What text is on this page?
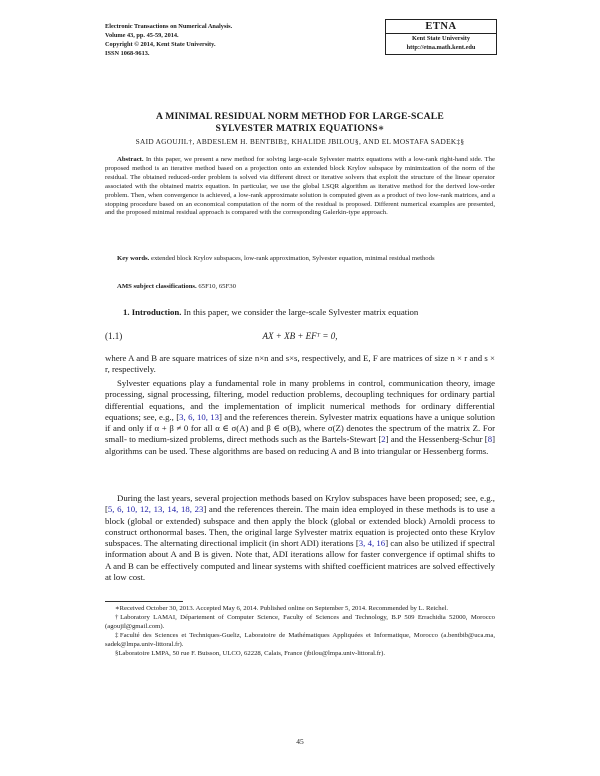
Electronic Transactions on Numerical Analysis.
Volume 43, pp. 45-59, 2014.
Copyright © 2014, Kent State University.
ISSN 1068-9613.
ETNA
Kent State University
http://etna.math.kent.edu
A MINIMAL RESIDUAL NORM METHOD FOR LARGE-SCALE
SYLVESTER MATRIX EQUATIONS∗
SAID AGOUJIL†, ABDESLEM H. BENTBIB‡, KHALIDE JBILOU§, AND EL MOSTAFA SADEK‡§

Abstract. In this paper, we present a new method for solving large-scale Sylvester matrix equations with a low-rank right-hand side. The proposed method is an iterative method based on a projection onto an extended block Krylov subspace by minimization of the norm of the residual. The obtained reduced-order problem is solved via different direct or iterative solvers that exploit the structure of the linear operator associated with the obtained matrix equation. In particular, we use the global LSQR algorithm as iterative method for the derived low-order problem. Then, when convergence is achieved, a low-rank approximate solution is computed given as a product of two low-rank matrices, and a stopping procedure based on an economical computation of the norm of the residual is proposed. Different numerical examples are presented, and the proposed minimal residual approach is compared with the corresponding Galerkin-type approach.

Key words. extended block Krylov subspaces, low-rank approximation, Sylvester equation, minimal residual methods

AMS subject classifications. 65F10, 65F30

1. Introduction. In this paper, we consider the large-scale Sylvester matrix equation

(1.1)	AX + XB + EFᵀ = 0,

where A and B are square matrices of size n×n and s×s, respectively, and E, F are matrices of size n × r and s × r, respectively.

Sylvester equations play a fundamental role in many problems in control, communication theory, image processing, signal processing, filtering, model reduction problems, decoupling techniques for ordinary partial differential equations, and the implementation of implicit numerical methods for ordinary differential equations; see, e.g., [3, 6, 10, 13] and the references therein. Sylvester matrix equations have a unique solution if and only if α + β ≠ 0 for all α ∈ σ(A) and β ∈ σ(B), where σ(Z) denotes the spectrum of the matrix Z. For small- to medium-sized problems, direct methods such as the Bartels-Stewart [2] and the Hessenberg-Schur [8] algorithms can be used. These algorithms are based on reducing A and B into triangular or Hessenberg forms.

During the last years, several projection methods based on Krylov subspaces have been proposed; see, e.g., [5, 6, 10, 12, 13, 14, 18, 23] and the references therein. The main idea employed in these methods is to use a block (global or extended) subspace and then apply the block (global or extended block) Arnoldi process to construct orthonormal bases. Then, the original large Sylvester matrix equation is projected onto these Krylov subspaces. The alternating directional implicit (in short ADI) iterations [3, 4, 16] can also be utilized if spectral information about A and B is given. Note that, ADI iterations allow for faster convergence if optimal shifts to A and B can be effectively computed and linear systems with shifted coefficient matrices are solved effectively at low cost.

∗Received October 30, 2013. Accepted May 6, 2014. Published online on September 5, 2014. Recommended by L. Reichel.

†Laboratory LAMAI, Département of Computer Science, Faculty of Sciences and Technology, B.P 509 Errachidia 52000, Morocco (agoujil@gmail.com).

‡Faculté des Sciences et Techniques-Gueliz, Laboratoire de Mathématiques Appliquées et Informatique, Morocco (a.bentbib@uca.ma, sadek@lmpa.univ-littoral.fr).

§Laboratoire LMPA, 50 rue F. Buisson, ULCO, 62228, Calais, France (jbilou@lmpa.univ-littoral.fr).

45
